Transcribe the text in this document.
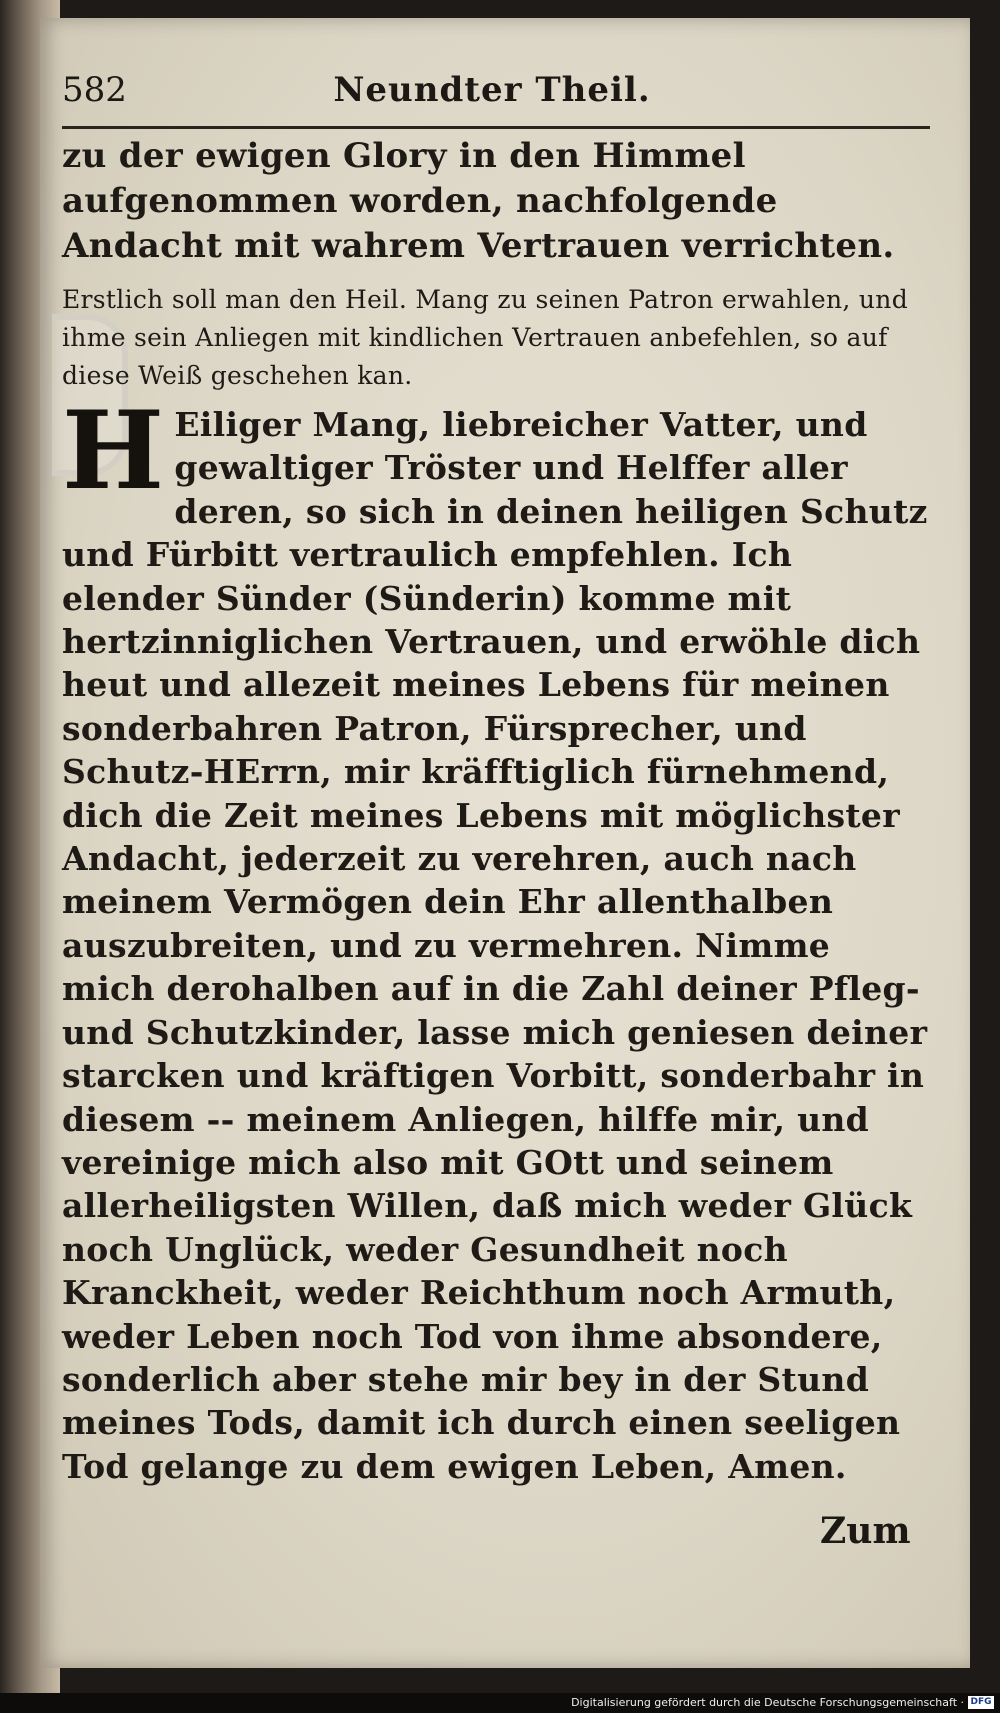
582	Neundter Theil.

zu der ewigen Glory in den Himmel aufgenommen worden, nachfolgende Andacht mit wahrem Vertrauen verrichten.

Erstlich soll man den Heil. Mang zu seinen Patron erwahlen, und ihme sein Anliegen mit kindlichen Vertrauen anbefehlen, so auf diese Weiß geschehen kan.

H Eiliger Mang, liebreicher Vatter, und gewaltiger Tröster und Helffer aller deren, so sich in deinen heiligen Schutz und Fürbitt vertraulich empfehlen. Ich elender Sünder (Sünderin) komme mit hertzinniglichen Vertrauen, und erwöhle dich heut und allezeit meines Lebens für meinen sonderbahren Patron, Fürsprecher, und Schutz-HErrn, mir kräfftiglich fürnehmend, dich die Zeit meines Lebens mit möglichster Andacht, jederzeit zu verehren, auch nach meinem Vermögen dein Ehr allenthalben auszubreiten, und zu vermehren. Nimme mich derohalben auf in die Zahl deiner Pfleg- und Schutzkinder, lasse mich geniesen deiner starcken und kräftigen Vorbitt, sonderbahr in diesem -- meinem Anliegen, hilffe mir, und vereinige mich also mit GOtt und seinem allerheiligsten Willen, daß mich weder Glück noch Unglück, weder Gesundheit noch Kranckheit, weder Reichthum noch Armuth, weder Leben noch Tod von ihme absondere, sonderlich aber stehe mir bey in der Stund meines Tods, damit ich durch einen seeligen Tod gelange zu dem ewigen Leben, Amen.

Zum
Digitalisierung gefördert durch die Deutsche Forschungsgemeinschaft · DFG
